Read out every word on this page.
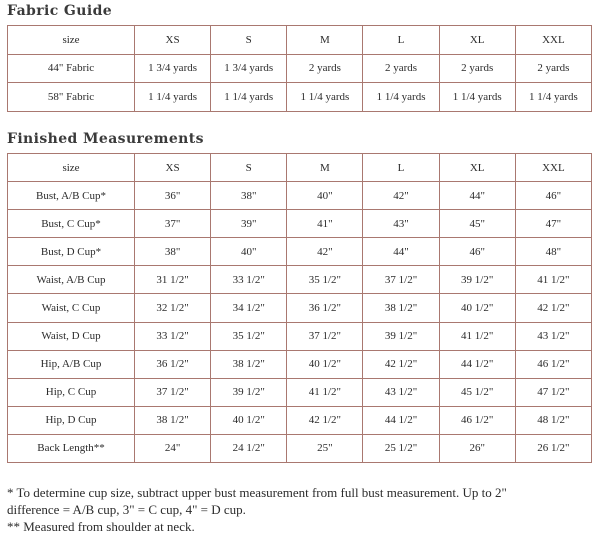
Fabric Guide
size	XS	S	M	L	XL	XXL
44" Fabric	1 3/4 yards	1 3/4 yards	2 yards	2 yards	2 yards	2 yards
58" Fabric	1 1/4 yards	1 1/4 yards	1 1/4 yards	1 1/4 yards	1 1/4 yards	1 1/4 yards
Finished Measurements
size	XS	S	M	L	XL	XXL
Bust, A/B Cup*	36"	38"	40"	42"	44"	46"
Bust, C Cup*	37"	39"	41"	43"	45"	47"
Bust, D Cup*	38"	40"	42"	44"	46"	48"
Waist, A/B Cup	31 1/2"	33 1/2"	35 1/2"	37 1/2"	39 1/2"	41 1/2"
Waist, C Cup	32 1/2"	34 1/2"	36 1/2"	38 1/2"	40 1/2"	42 1/2"
Waist, D Cup	33 1/2"	35 1/2"	37 1/2"	39 1/2"	41 1/2"	43 1/2"
Hip, A/B Cup	36 1/2"	38 1/2"	40 1/2"	42 1/2"	44 1/2"	46 1/2"
Hip, C Cup	37 1/2"	39 1/2"	41 1/2"	43 1/2"	45 1/2"	47 1/2"
Hip, D Cup	38 1/2"	40 1/2"	42 1/2"	44 1/2"	46 1/2"	48 1/2"
Back Length**	24"	24 1/2"	25"	25 1/2"	26"	26 1/2"
* To determine cup size, subtract upper bust measurement from full bust measurement. Up to 2"
difference = A/B cup, 3" = C cup, 4" = D cup.
** Measured from shoulder at neck.
